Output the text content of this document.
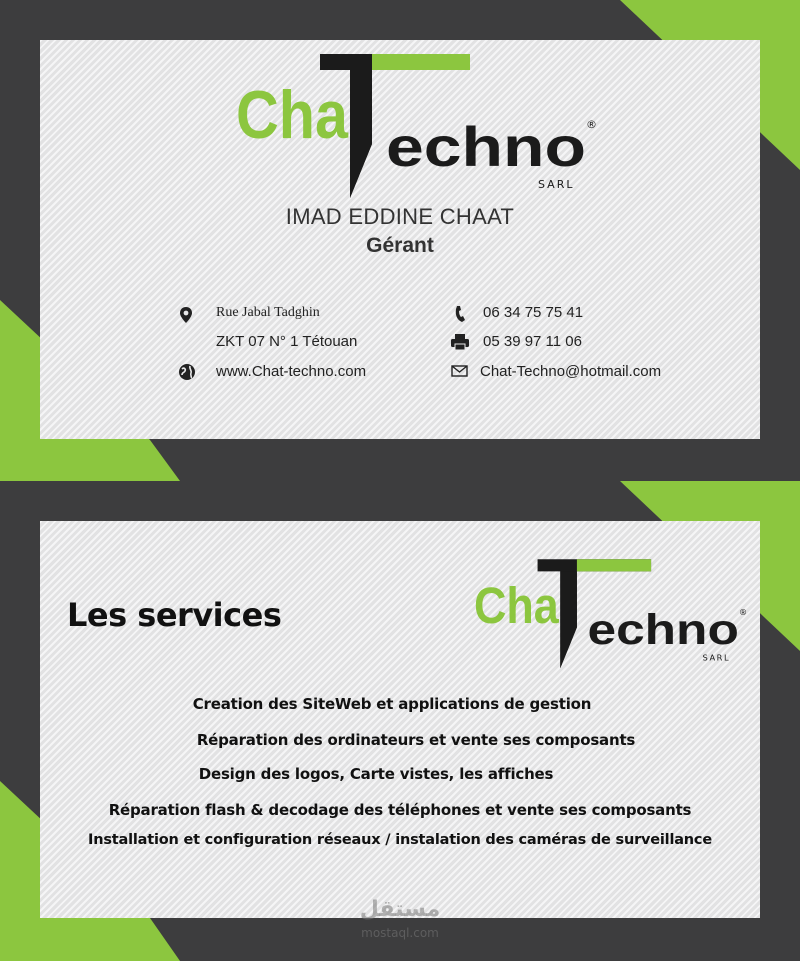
Cha echno ®
SARL
IMAD EDDINE CHAAT
Gérant
Rue Jabal Tadghin
ZKT 07 N° 1 Tétouan
www.Chat-techno.com
06 34 75 75 41
05 39 97 11 06
Chat-Techno@hotmail.com
Les services	Cha echno ®
SARL
Creation des SiteWeb et applications de gestion
Réparation des ordinateurs et vente ses composants
Design des logos, Carte vistes, les affiches
Réparation flash & decodage des téléphones et vente ses composants
Installation et configuration réseaux / instalation des caméras de surveillance
مستقل
mostaql.com
